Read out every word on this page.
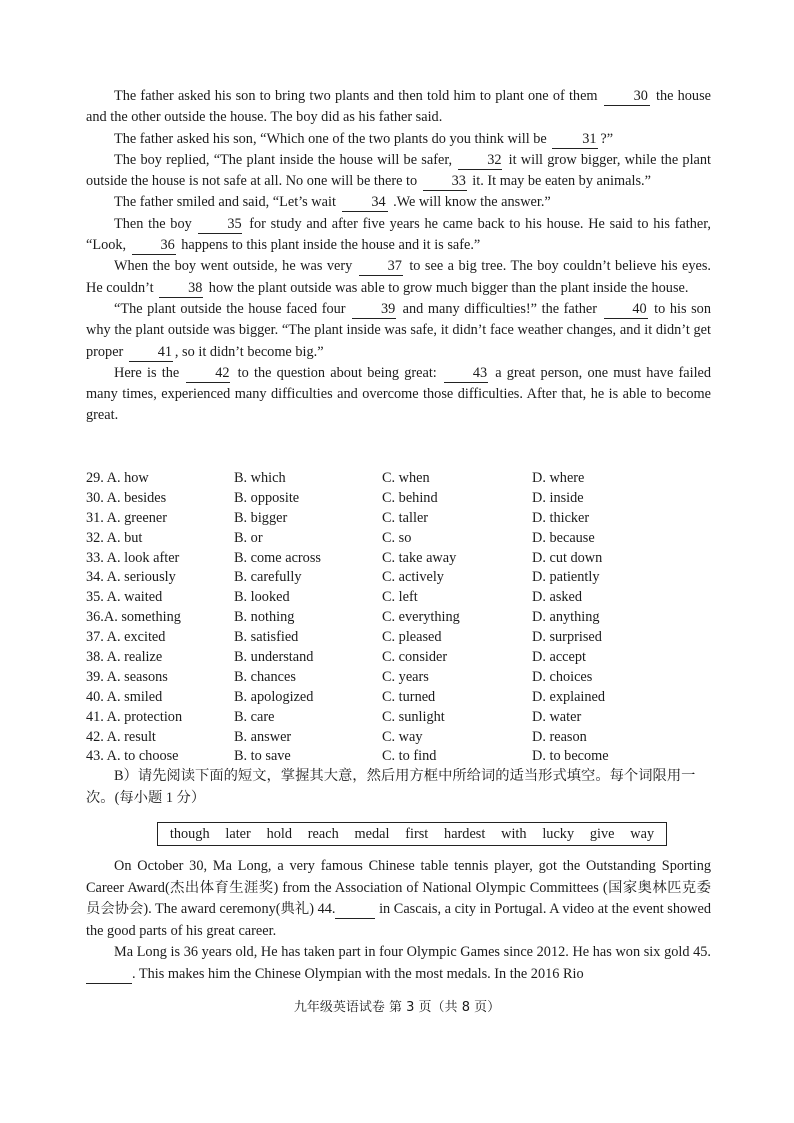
The father asked his son to bring two plants and then told him to plant one of them	30 the house and the other outside the house. The boy did as his father said.

The father asked his son, “Which one of the two plants do you think will be 31 ?”

The boy replied, “The plant inside the house will be safer, 32 it will grow bigger, while the plant outside the house is not safe at all. No one will be there to 33 it. It may be eaten by animals.”

The father smiled and said, “Let’s wait 34 .We will know the answer.”

Then the boy 35 for study and after five years he came back to his house. He said to his father, “Look, 36 happens to this plant inside the house and it is safe.”

When the boy went outside, he was very 37 to see a big tree. The boy couldn’t believe his eyes. He couldn’t 38 how the plant outside was able to grow much bigger than the plant inside the house.

“The plant outside the house faced four 39 and many difficulties!” the father 40 to his son why the plant outside was bigger. “The plant inside was safe, it didn’t face weather changes, and it didn’t get proper 41 , so it didn’t become big.”

Here is the	42 to the question about being great:	43 a great person, one must have failed many times, experienced many difficulties and overcome those difficulties. After that, he is able to become great.

29. A. how	B. which	C. when	D. where
30. A. besides	B. opposite	C. behind	D. inside
31. A. greener	B. bigger	C. taller	D. thicker
32. A. but	B. or	C. so	D. because
33. A. look after	B. come across	C. take away	D. cut down
34. A. seriously	B. carefully	C. actively	D. patiently
35. A. waited	B. looked	C. left	D. asked
36.A. something	B. nothing	C. everything	D. anything
37. A. excited	B. satisfied	C. pleased	D. surprised
38. A. realize	B. understand	C. consider	D. accept
39. A. seasons	B. chances	C. years	D. choices
40. A. smiled	B. apologized	C. turned	D. explained
41. A. protection	B. care	C. sunlight	D. water
42. A. result	B. answer	C. way	D. reason
43. A. to choose	B. to save	C. to find	D. to become

B）请先阅读下面的短文，掌握其大意，然后用方框中所给词的适当形式填空。每个词限用一次。(每小题 1 分）

though later hold reach medal first hardest with lucky give way

On October 30, Ma Long, a very famous Chinese table tennis player, got the Outstanding Sporting Career Award(杰出体育生涯奖) from the Association of National Olympic Committees (国家奥林匹克委员会协会). The award ceremony(典礼) 44.	in Cascais, a city in Portugal. A video at the event showed the good parts of his great career.

Ma Long is 36 years old, He has taken part in four Olympic Games since 2012. He has won six gold 45. . This makes him the Chinese Olympian with the most medals. In the 2016 Rio

九年级英语试卷 第 3 页（共 8 页）
